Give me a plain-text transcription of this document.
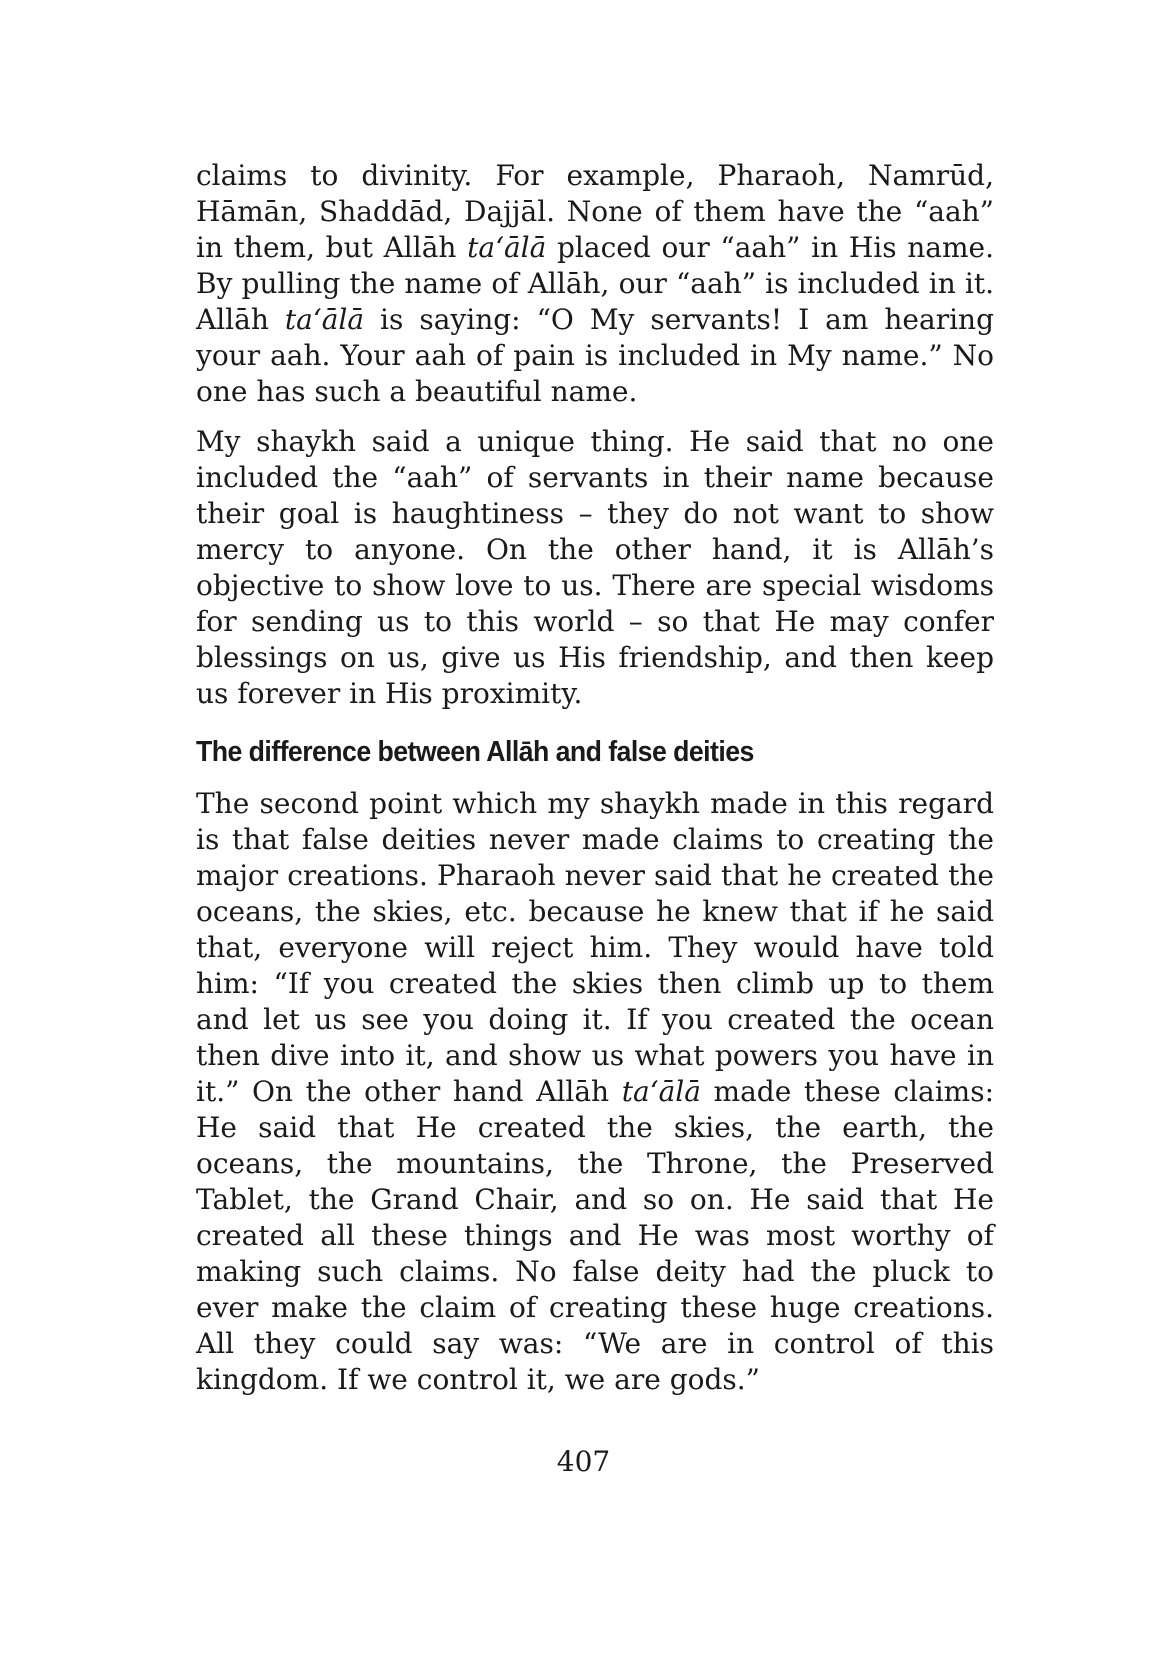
claims to divinity. For example, Pharaoh, Namrūd, Hāmān, Shaddād, Dajjāl. None of them have the “aah” in them, but Allāh ta‘ālā placed our “aah” in His name. By pulling the name of Allāh, our “aah” is included in it. Allāh ta‘ālā is saying: “O My servants! I am hearing your aah. Your aah of pain is included in My name.” No one has such a beautiful name.

My shaykh said a unique thing. He said that no one included the “aah” of servants in their name because their goal is haughtiness – they do not want to show mercy to anyone. On the other hand, it is Allāh’s objective to show love to us. There are special wisdoms for sending us to this world – so that He may confer blessings on us, give us His friendship, and then keep us forever in His proximity.

The difference between Allāh and false deities

The second point which my shaykh made in this regard is that false deities never made claims to creating the major creations. Pharaoh never said that he created the oceans, the skies, etc. because he knew that if he said that, everyone will reject him. They would have told him: “If you created the skies then climb up to them and let us see you doing it. If you created the ocean then dive into it, and show us what powers you have in it.” On the other hand Allāh ta‘ālā made these claims: He said that He created the skies, the earth, the oceans, the mountains, the Throne, the Preserved Tablet, the Grand Chair, and so on. He said that He created all these things and He was most worthy of making such claims. No false deity had the pluck to ever make the claim of creating these huge creations. All they could say was: “We are in control of this kingdom. If we control it, we are gods.”

407
